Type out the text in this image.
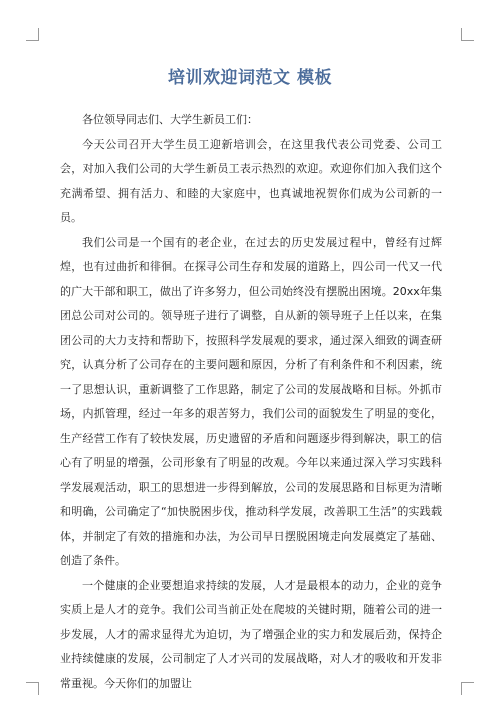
培训欢迎词范文 模板

各位领导同志们、大学生新员工们：

今天公司召开大学生员工迎新培训会，在这里我代表公司党委、公司工会，对加入我们公司的大学生新员工表示热烈的欢迎。欢迎你们加入我们这个充满希望、拥有活力、和睦的大家庭中，也真诚地祝贺你们成为公司新的一员。

我们公司是一个国有的老企业，在过去的历史发展过程中，曾经有过辉煌，也有过曲折和徘徊。在探寻公司生存和发展的道路上，四公司一代又一代的广大干部和职工，做出了许多努力，但公司始终没有摆脱出困境。20xx年集团总公司对公司的。领导班子进行了调整，自从新的领导班子上任以来，在集团公司的大力支持和帮助下，按照科学发展观的要求，通过深入细致的调查研究，认真分析了公司存在的主要问题和原因，分析了有利条件和不利因素，统一了思想认识，重新调整了工作思路，制定了公司的发展战略和目标。外抓市场，内抓管理，经过一年多的艰苦努力，我们公司的面貌发生了明显的变化，生产经营工作有了较快发展，历史遗留的矛盾和问题逐步得到解决，职工的信心有了明显的增强，公司形象有了明显的改观。今年以来通过深入学习实践科学发展观活动，职工的思想进一步得到解放，公司的发展思路和目标更为清晰和明确，公司确定了“加快脱困步伐，推动科学发展，改善职工生活”的实践载体，并制定了有效的措施和办法，为公司早日摆脱困境走向发展奠定了基础、创造了条件。

一个健康的企业要想追求持续的发展，人才是最根本的动力，企业的竞争实质上是人才的竞争。我们公司当前正处在爬坡的关键时期，随着公司的进一步发展，人才的需求显得尤为迫切，为了增强企业的实力和发展后劲，保持企业持续健康的发展，公司制定了人才兴司的发展战略，对人才的吸收和开发非常重视。今天你们的加盟让
